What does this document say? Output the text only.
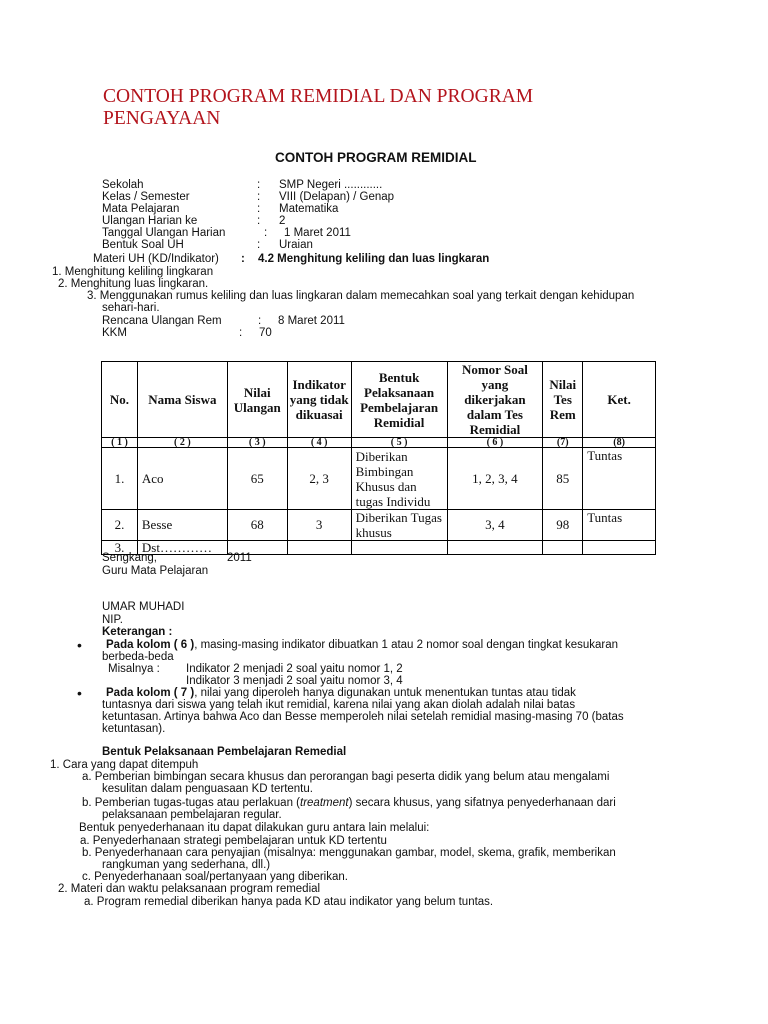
CONTOH PROGRAM REMIDIAL DAN PROGRAM PENGAYAAN
CONTOH PROGRAM REMIDIAL
Sekolah	: SMP Negeri ............
Kelas / Semester	: VIII (Delapan) / Genap
Mata Pelajaran	: Matematika
Ulangan Harian ke	: 2
Tanggal Ulangan Harian	: 1 Maret 2011
Bentuk Soal UH	: Uraian
Materi UH (KD/Indikator) : 4.2 Menghitung keliling dan luas lingkaran
1. Menghitung keliling lingkaran
2. Menghitung luas lingkaran.
3. Menggunakan rumus keliling dan luas lingkaran dalam memecahkan soal yang terkait dengan kehidupan
sehari-hari.
Rencana Ulangan Rem	: 8 Maret 2011
KKM	: 70
No.	Nama Siswa	Nilai Ulangan	Indikator yang tidak dikuasai	Bentuk Pelaksanaan Pembelajaran Remidial	Nomor Soal yang dikerjakan dalam Tes Remidial	Nilai Tes Rem	Ket.
( 1 )	( 2 )	( 3 )	( 4 )	( 5 )	( 6 )	(7)	(8)
1.	Aco	65	2, 3	Diberikan Bimbingan Khusus dan tugas Individu	1, 2, 3, 4	85	Tuntas
2.	Besse	68	3	Diberikan Tugas khusus	3, 4	98	Tuntas
3.	Dst…………						
Sengkang,	2011
Guru Mata Pelajaran
UMAR MUHADI
NIP.
Keterangan :
• Pada kolom ( 6 ), masing-masing indikator dibuatkan 1 atau 2 nomor soal dengan tingkat kesukaran
berbeda-beda
Misalnya : Indikator 2 menjadi 2 soal yaitu nomor 1, 2
Indikator 3 menjadi 2 soal yaitu nomor 3, 4
• Pada kolom ( 7 ), nilai yang diperoleh hanya digunakan untuk menentukan tuntas atau tidak
tuntasnya dari siswa yang telah ikut remidial, karena nilai yang akan diolah adalah nilai batas
ketuntasan. Artinya bahwa Aco dan Besse memperoleh nilai setelah remidial masing-masing 70 (batas
ketuntasan).
Bentuk Pelaksanaan Pembelajaran Remedial
1. Cara yang dapat ditempuh
a. Pemberian bimbingan secara khusus dan perorangan bagi peserta didik yang belum atau mengalami
kesulitan dalam penguasaan KD tertentu.
b. Pemberian tugas-tugas atau perlakuan (treatment) secara khusus, yang sifatnya penyederhanaan dari
pelaksanaan pembelajaran regular.
Bentuk penyederhanaan itu dapat dilakukan guru antara lain melalui:
a. Penyederhanaan strategi pembelajaran untuk KD tertentu
b. Penyederhanaan cara penyajian (misalnya: menggunakan gambar, model, skema, grafik, memberikan
rangkuman yang sederhana, dll.)
c. Penyederhanaan soal/pertanyaan yang diberikan.
2. Materi dan waktu pelaksanaan program remedial
a. Program remedial diberikan hanya pada KD atau indikator yang belum tuntas.
